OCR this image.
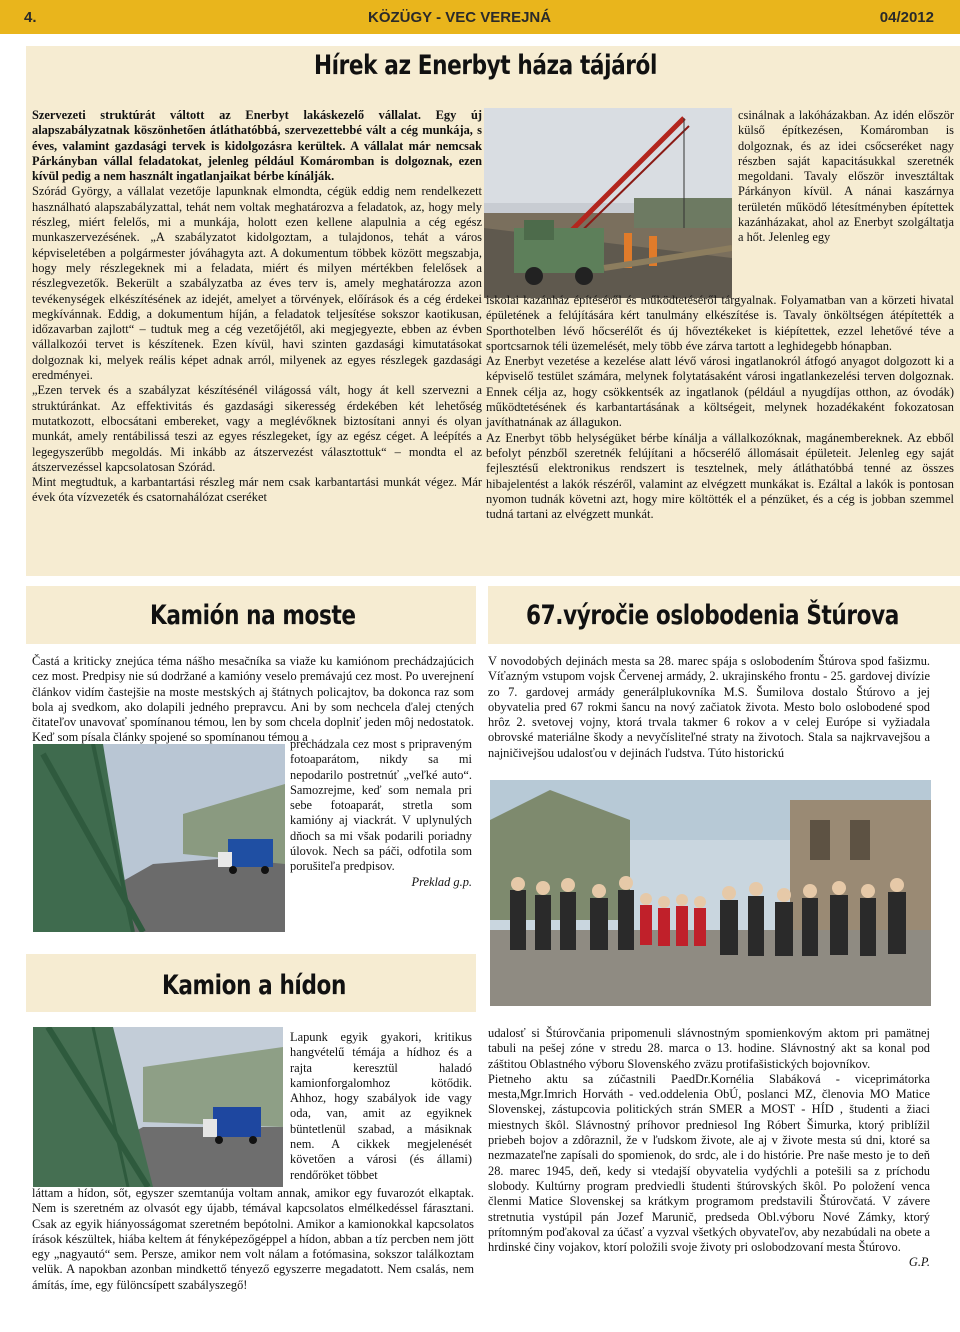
4.	KÖZÜGY - VEC VEREJNÁ	04/2012
Hírek az Enerbyt háza tájáról

Szervezeti struktúrát váltott az Enerbyt lakáskezelő vállalat. Egy új alapszabályzatnak köszönhetően átláthatóbbá, szervezettebbé vált a cég munkája, s éves, valamint gazdasági tervek is kidolgozásra kerültek. A vállalat már nemcsak Párkányban vállal feladatokat, jelenleg például Komáromban is dolgoznak, ezen kívül pedig a nem használt ingatlanjaikat bérbe kínálják.

Szórád György, a vállalat vezetője lapunknak elmondta, cégük eddig nem rendelkezett használható alapszabályzattal, tehát nem voltak meghatározva a feladatok, az, hogy mely részleg, miért felelős, mi a munkája, holott ezen kellene alapulnia a cég egész munkaszervezésének. „A szabályzatot kidolgoztam, a tulajdonos, tehát a város képviseletében a polgármester jóváhagyta azt. A dokumentum többek között megszabja, hogy mely részlegeknek mi a feladata, miért és milyen mértékben felelősek a részlegvezetők. Bekerült a szabályzatba az éves terv is, amely meghatározza azon tevékenységek elkészítésének az idejét, amelyet a törvények, előírások és a cég érdekei megkívánnak. Eddig, a dokumentum híján, a feladatok teljesítése sokszor kaotikusan, időzavarban zajlott“ – tudtuk meg a cég vezetőjétől, aki megjegyezte, ebben az évben vállalkozói tervet is készítenek. Ezen kívül, havi szinten gazdasági kimutatásokat dolgoznak ki, melyek reális képet adnak arról, milyenek az egyes részlegek gazdasági eredményei.

„Ezen tervek és a szabályzat készítésénél világossá vált, hogy át kell szervezni a struktúránkat. Az effektivitás és gazdasági sikeresség érdekében két lehetőség mutatkozott, elbocsátani embereket, vagy a meglévőknek biztosítani annyi és olyan munkát, amely rentábilissá teszi az egyes részlegeket, így az egész céget. A leépítés a legegyszerűbb megoldás. Mi inkább az átszervezést választottuk“ – mondta el az átszervezéssel kapcsolatosan Szórád.

Mint megtudtuk, a karbantartási részleg már nem csak karbantartási munkát végez. Már évek óta vízvezeték és csatornahálózat cseréket

csinálnak a lakóházakban. Az idén először külső építkezésen, Komáromban is dolgoznak, és az idei csőcseréket nagy részben saját kapacitásukkal szeretnék megoldani. Tavaly először invesztáltak Párkányon kívül. A nánai kaszárnya területén működő létesítményben építettek kazánházakat, ahol az Enerbyt szolgáltatja a hőt. Jelenleg egy

iskolai kazánház építéséről és működtetéséről tárgyalnak. Folyamatban van a körzeti hivatal épületének a felújítására kért tanulmány elkészítése is. Tavaly önköltségen átépítették a Sporthotelben lévő hőcserélőt és új hőveztékeket is kiépítettek, ezzel lehetővé téve a sportcsarnok téli üzemelését, mely több éve zárva tartott a leghidegebb hónapban.

Az Enerbyt vezetése a kezelése alatt lévő városi ingatlanokról átfogó anyagot dolgozott ki a képviselő testület számára, melynek folytatásaként városi ingatlankezelési terven dolgoznak. Ennek célja az, hogy csökkentsék az ingatlanok (például a nyugdíjas otthon, az óvodák) működtetésének és karbantartásának a költségeit, melynek hozadékaként fokozatosan javíthatnának az állagukon.

Az Enerbyt több helységüket bérbe kínálja a vállalkozóknak, magánembereknek. Az ebből befolyt pénzből szeretnék felújítani a hőcserélő állomásait épületeit. Jelenleg egy saját fejlesztésű elektronikus rendszert is tesztelnek, mely átláthatóbbá tenné az összes hibajelentést a lakók részéről, valamint az elvégzett munkákat is. Ezáltal a lakók is pontosan nyomon tudnák követni azt, hogy mire költötték el a pénzüket, és a cég is jobban szemmel tudná tartani az elvégzett munkát.

Kamión na moste

Častá a kriticky znejúca téma nášho mesačníka sa viaže ku kamiónom prechádzajúcich cez most. Predpisy nie sú dodržané a kamióny veselo premávajú cez most. Po uverejnení článkov vidím častejšie na moste mestských aj štátnych policajtov, ba dokonca raz som bola aj svedkom, ako dolapili jedného prepravcu. Ani by som nechcela ďalej ctených čitateľov unavovať spomínanou témou, len by som chcela doplniť jeden môj nedostatok. Keď som písala články spojené so spomínanou témou a

prechádzala cez most s pripraveným fotoaparátom, nikdy sa mi nepodarilo postretnúť „veľké auto“. Samozrejme, keď som nemala pri sebe fotoaparát, stretla som kamióny aj viackrát. V uplynulých dňoch sa mi však podarili poriadny úlovok. Nech sa páči, odfotila som porušiteľa predpisov.

Preklad g.p.

Kamion a hídon

Lapunk egyik gyakori, kritikus hangvételű témája a hídhoz és a rajta keresztül haladó kamionforgalomhoz kötődik. Ahhoz, hogy szabályok ide vagy oda, van, amit az egyiknek büntetlenül szabad, a másiknak nem. A cikkek megjelenését követően a városi (és állami) rendőröket többet

láttam a hídon, sőt, egyszer szemtanúja voltam annak, amikor egy fuvarozót elkaptak. Nem is szeretném az olvasót egy újabb, témával kapcsolatos elmélkedéssel fárasztani. Csak az egyik hiányosságomat szeretném bepótolni. Amikor a kamionokkal kapcsolatos írások készültek, hiába keltem át fényképezőgéppel a hídon, abban a tíz percben nem jött egy „nagyautó“ sem. Persze, amikor nem volt nálam a fotómasina, sokszor találkoztam velük. A napokban azonban mindkettő tényező egyszerre megadatott. Nem csalás, nem ámítás, íme, egy fülöncsípett szabályszegő!

67.výročie oslobodenia Štúrova

V novodobých dejinách mesta sa 28. marec spája s oslobodením Štúrova spod fašizmu. Víťazným vstupom vojsk Červenej armády, 2. ukrajinského frontu - 25. gardovej divízie zo 7. gardovej armády generálplukovníka M.S. Šumilova dostalo Štúrovo a jej obyvatelia pred 67 rokmi šancu na nový začiatok života. Mesto bolo oslobodené spod hrôz 2. svetovej vojny, ktorá trvala takmer 6 rokov a v celej Európe si vyžiadala obrovské materiálne škody a nevyčísliteľné straty na životoch. Stala sa najkrvavejšou a najničivejšou udalosťou v dejinách ľudstva. Túto historickú

udalosť si Štúrovčania pripomenuli slávnostným spomienkovým aktom pri pamätnej tabuli na pešej zóne v stredu 28. marca o 13. hodine. Slávnostný akt sa konal pod záštitou Oblastného výboru Slovenského zväzu protifašistických bojovníkov.

Pietneho aktu sa zúčastnili PaedDr.Kornélia Slabáková - viceprimátorka mesta,Mgr.Imrich Horváth - ved.oddelenia ObÚ, poslanci MZ, členovia MO Matice Slovenskej, zástupcovia politických strán SMER a MOST - HÍD , študenti a žiaci miestnych škôl. Slávnostný príhovor predniesol Ing Róbert Šimurka, ktorý priblížil priebeh bojov a zdôraznil, že v ľudskom živote, ale aj v živote mesta sú dni, ktoré sa nezmazateľne zapísali do spomienok, do srdc, ale i do histórie. Pre naše mesto je to deň 28. marec 1945, deň, kedy si vtedajší obyvatelia vydýchli a potešili sa z príchodu slobody. Kultúrny program predviedli študenti štúrovských škôl. Po položení venca členmi Matice Slovenskej sa krátkym programom predstavili Štúrovčatá. V závere stretnutia vystúpil pán Jozef Marunič, predseda Obl.výboru Nové Zámky, ktorý prítomným poďakoval za účasť a vyzval všetkých obyvateľov, aby nezabúdali na obete a hrdinské činy vojakov, ktorí položili svoje životy pri oslobodzovaní mesta Štúrovo.

G.P.
